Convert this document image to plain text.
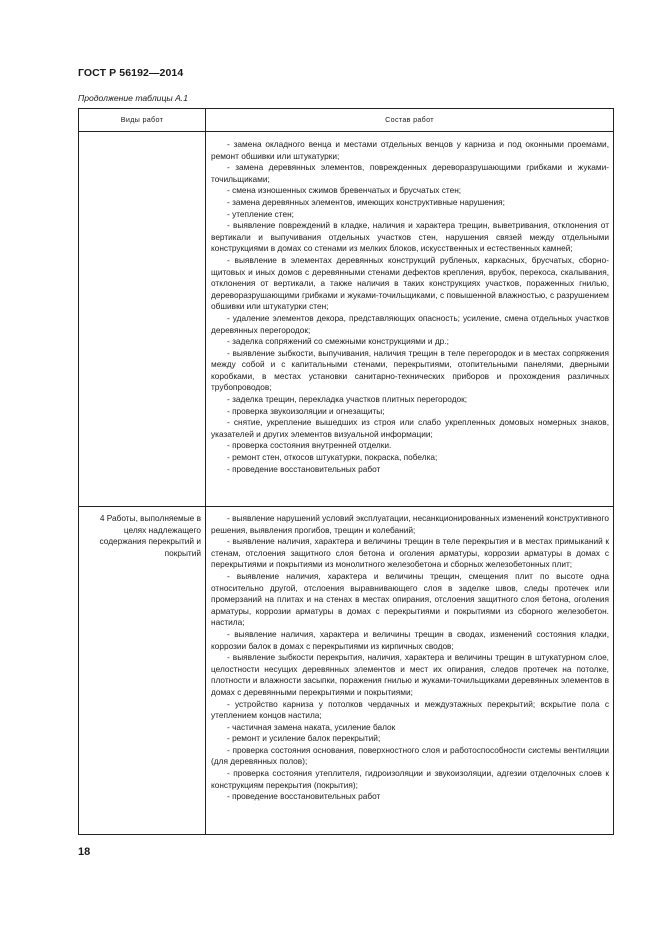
ГОСТ Р 56192—2014
Продолжение таблицы А.1
Виды работ	Состав работ

- замена окладного венца и местами отдельных венцов у карниза и под оконными проемами, ремонт обшивки или штукатурки;

- замена деревянных элементов, поврежденных дереворазрушающими грибками и жуками-точильщиками;

- смена изношенных сжимов бревенчатых и брусчатых стен;

- замена деревянных элементов, имеющих конструктивные нарушения;

- утепление стен;

- выявление повреждений в кладке, наличия и характера трещин, выветривания, отклонения от вертикали и выпучивания отдельных участков стен, нарушения связей между отдельными конструкциями в домах со стенами из мелких блоков, искусственных и естественных камней;

- выявление в элементах деревянных конструкций рубленых, каркасных, брусчатых, сборно-щитовых и иных домов с деревянными стенами дефектов крепления, врубок, перекоса, скалывания, отклонения от вертикали, а также наличия в таких конструкциях участков, пораженных гнилью, дереворазрушающими грибками и жуками-точильщиками, с повышенной влажностью, с разрушением обшивки или штукатурки стен;

- удаление элементов декора, представляющих опасность; усиление, смена отдельных участков деревянных перегородок;

- заделка сопряжений со смежными конструкциями и др.;

- выявление зыбкости, выпучивания, наличия трещин в теле перегородок и в местах сопряжения между собой и с капитальными стенами, перекрытиями, отопительными панелями, дверными коробками, в местах установки санитарно-технических приборов и прохождения различных трубопроводов;

- заделка трещин, перекладка участков плитных перегородок;

- проверка звукоизоляции и огнезащиты;

- снятие, укрепление вышедших из строя или слабо укрепленных домовых номерных знаков, указателей и других элементов визуальной информации;

- проверка состояния внутренней отделки.

- ремонт стен, откосов штукатурки, покраска, побелка;

- проведение восстановительных работ

4 Работы, выполняемые в целях надлежащего содержания перекрытий и покрытий

- выявление нарушений условий эксплуатации, несанкционированных изменений конструктивного решения, выявления прогибов, трещин и колебаний;

- выявление наличия, характера и величины трещин в теле перекрытия и в местах примыканий к стенам, отслоения защитного слоя бетона и оголения арматуры, коррозии арматуры в домах с перекрытиями и покрытиями из монолитного железобетона и сборных железобетонных плит;

- выявление наличия, характера и величины трещин, смещения плит по высоте одна относительно другой, отслоения выравнивающего слоя в заделке швов, следы протечек или промерзаний на плитах и на стенах в местах опирания, отслоения защитного слоя бетона, оголения арматуры, коррозии арматуры в домах с перекрытиями и покрытиями из сборного железобетон. настила;

- выявление наличия, характера и величины трещин в сводах, изменений состояния кладки, коррозии балок в домах с перекрытиями из кирпичных сводов;

- выявление зыбкости перекрытия, наличия, характера и величины трещин в штукатурном слое, целостности несущих деревянных элементов и мест их опирания, следов протечек на потолке, плотности и влажности засыпки, поражения гнилью и жуками-точильщиками деревянных элементов в домах с деревянными перекрытиями и покрытиями;

- устройство карниза у потолков чердачных и междуэтажных перекрытий; вскрытие пола с утеплением концов настила;

- частичная замена наката, усиление балок

- ремонт и усиление балок перекрытий;

- проверка состояния основания, поверхностного слоя и работоспособности системы вентиляции (для деревянных полов);

- проверка состояния утеплителя, гидроизоляции и звукоизоляции, адгезии отделочных слоев к конструкциям перекрытия (покрытия);

- проведение восстановительных работ

18
